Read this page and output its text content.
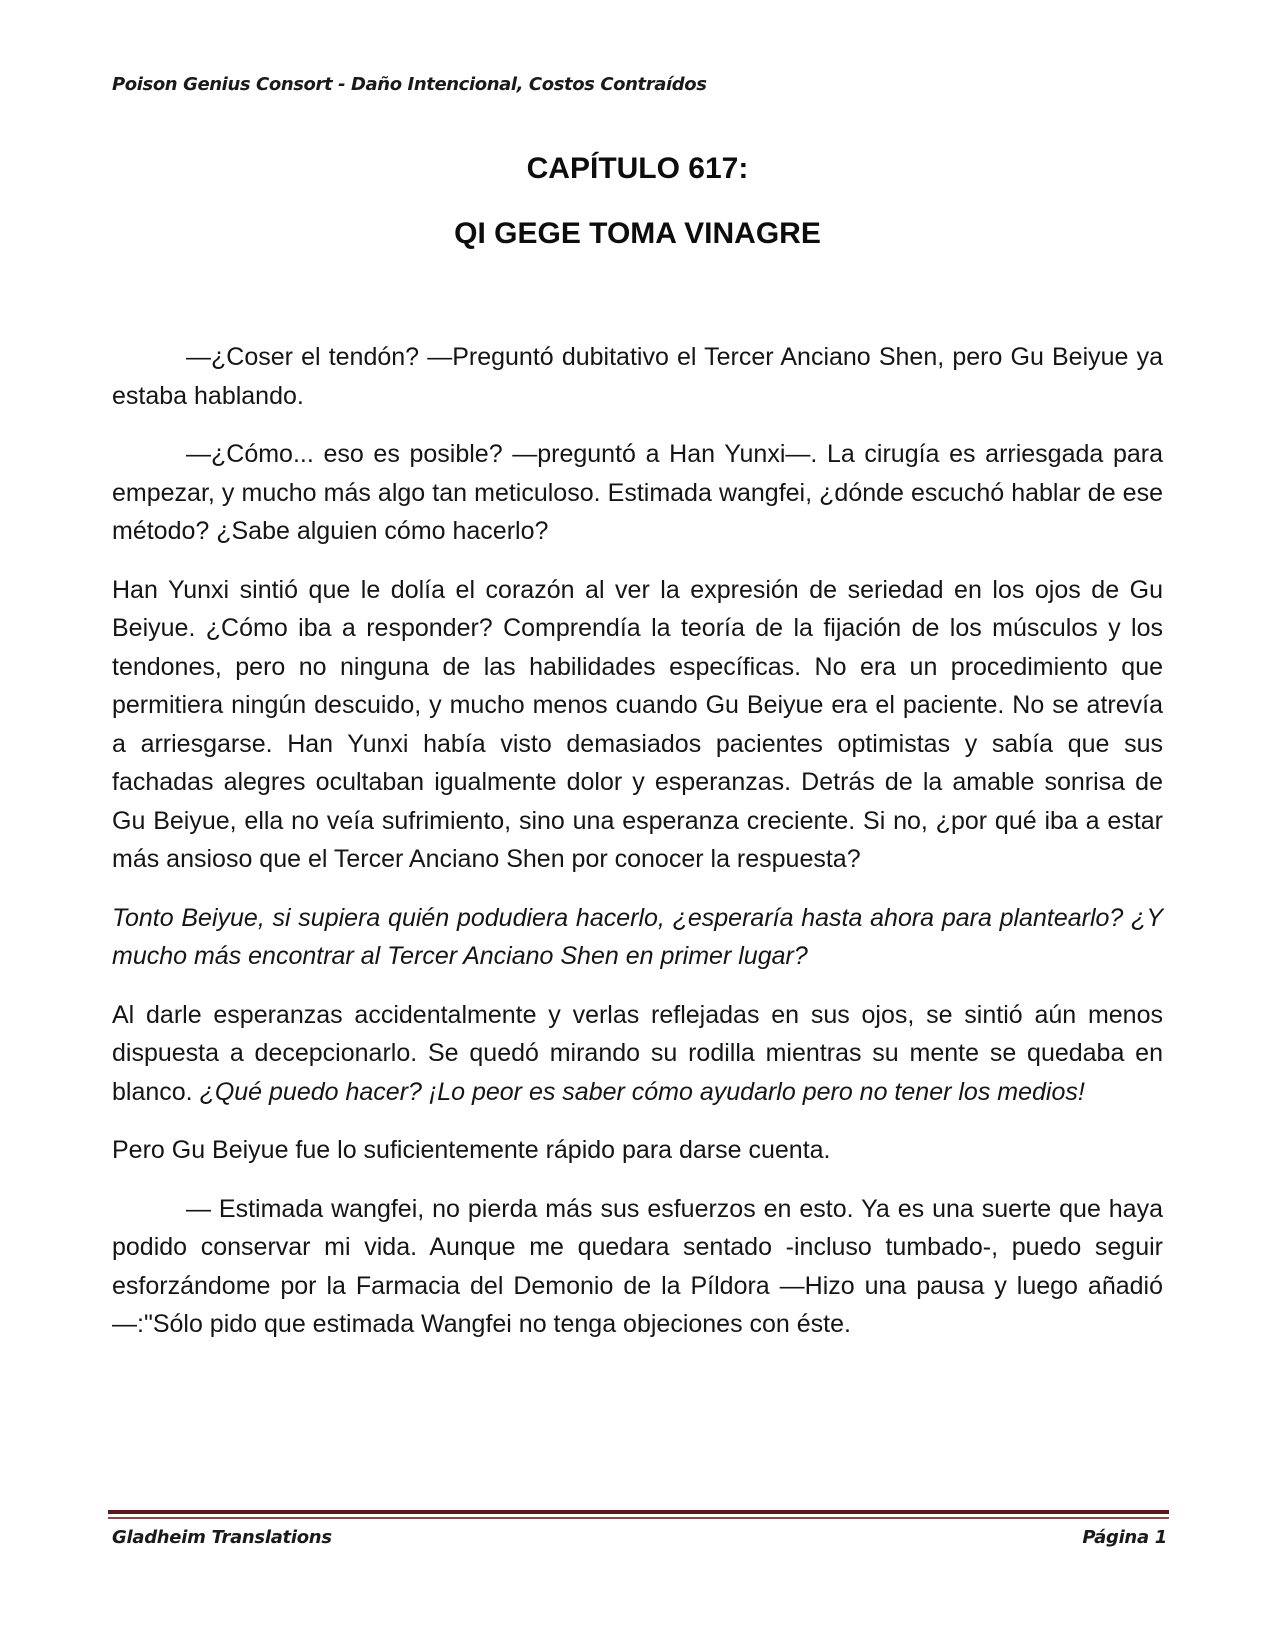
Poison Genius Consort - Daño Intencional, Costos Contraídos
CAPÍTULO 617:
QI GEGE TOMA VINAGRE

—¿Coser el tendón? —Preguntó dubitativo el Tercer Anciano Shen, pero Gu Beiyue ya estaba hablando.

—¿Cómo... eso es posible? —preguntó a Han Yunxi—. La cirugía es arriesgada para empezar, y mucho más algo tan meticuloso. Estimada wangfei, ¿dónde escuchó hablar de ese método? ¿Sabe alguien cómo hacerlo?

Han Yunxi sintió que le dolía el corazón al ver la expresión de seriedad en los ojos de Gu Beiyue. ¿Cómo iba a responder? Comprendía la teoría de la fijación de los músculos y los tendones, pero no ninguna de las habilidades específicas. No era un procedimiento que permitiera ningún descuido, y mucho menos cuando Gu Beiyue era el paciente. No se atrevía a arriesgarse. Han Yunxi había visto demasiados pacientes optimistas y sabía que sus fachadas alegres ocultaban igualmente dolor y esperanzas. Detrás de la amable sonrisa de Gu Beiyue, ella no veía sufrimiento, sino una esperanza creciente. Si no, ¿por qué iba a estar más ansioso que el Tercer Anciano Shen por conocer la respuesta?

Tonto Beiyue, si supiera quién podudiera hacerlo, ¿esperaría hasta ahora para plantearlo? ¿Y mucho más encontrar al Tercer Anciano Shen en primer lugar?

Al darle esperanzas accidentalmente y verlas reflejadas en sus ojos, se sintió aún menos dispuesta a decepcionarlo. Se quedó mirando su rodilla mientras su mente se quedaba en blanco. ¿Qué puedo hacer? ¡Lo peor es saber cómo ayudarlo pero no tener los medios!

Pero Gu Beiyue fue lo suficientemente rápido para darse cuenta.

— Estimada wangfei, no pierda más sus esfuerzos en esto. Ya es una suerte que haya podido conservar mi vida. Aunque me quedara sentado -incluso tumbado-, puedo seguir esforzándome por la Farmacia del Demonio de la Píldora —Hizo una pausa y luego añadió—:"Sólo pido que estimada Wangfei no tenga objeciones con éste.

Gladheim Translations	Página 1
